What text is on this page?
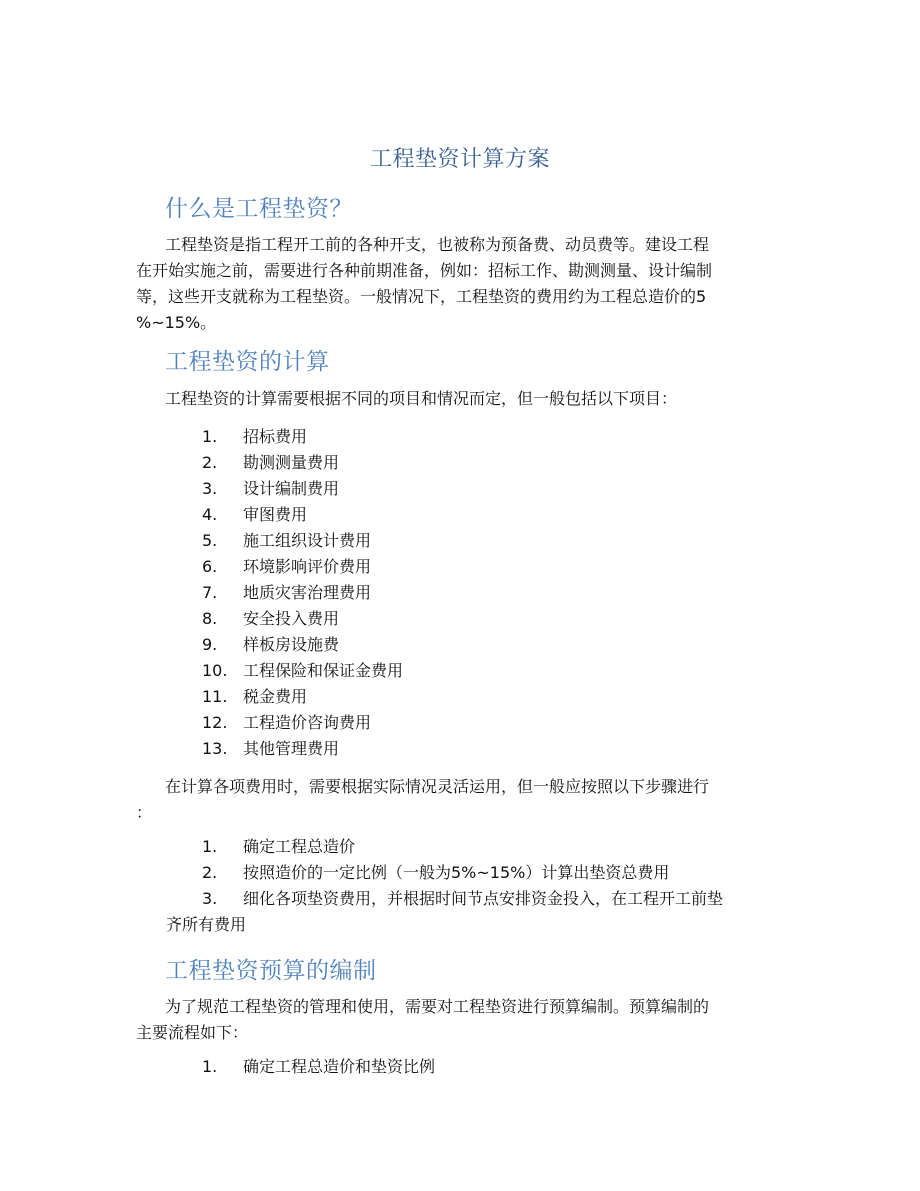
工程垫资计算方案
什么是工程垫资？
工程垫资是指工程开工前的各种开支，也被称为预备费、动员费等。建设工程
在开始实施之前，需要进行各种前期准备，例如：招标工作、勘测测量、设计编制
等，这些开支就称为工程垫资。一般情况下，工程垫资的费用约为工程总造价的5
%~15%。
工程垫资的计算
工程垫资的计算需要根据不同的项目和情况而定，但一般包括以下项目：
1.	招标费用
2.	勘测测量费用
3.	设计编制费用
4.	审图费用
5.	施工组织设计费用
6.	环境影响评价费用
7.	地质灾害治理费用
8.	安全投入费用
9.	样板房设施费
10. 工程保险和保证金费用
11. 税金费用
12. 工程造价咨询费用
13. 其他管理费用
在计算各项费用时，需要根据实际情况灵活运用，但一般应按照以下步骤进行
：
1.	确定工程总造价
2.	按照造价的一定比例（一般为5%~15%）计算出垫资总费用
3. 细化各项垫资费用，并根据时间节点安排资金投入，在工程开工前垫
齐所有费用
工程垫资预算的编制
为了规范工程垫资的管理和使用，需要对工程垫资进行预算编制。预算编制的
主要流程如下：
1.	确定工程总造价和垫资比例
